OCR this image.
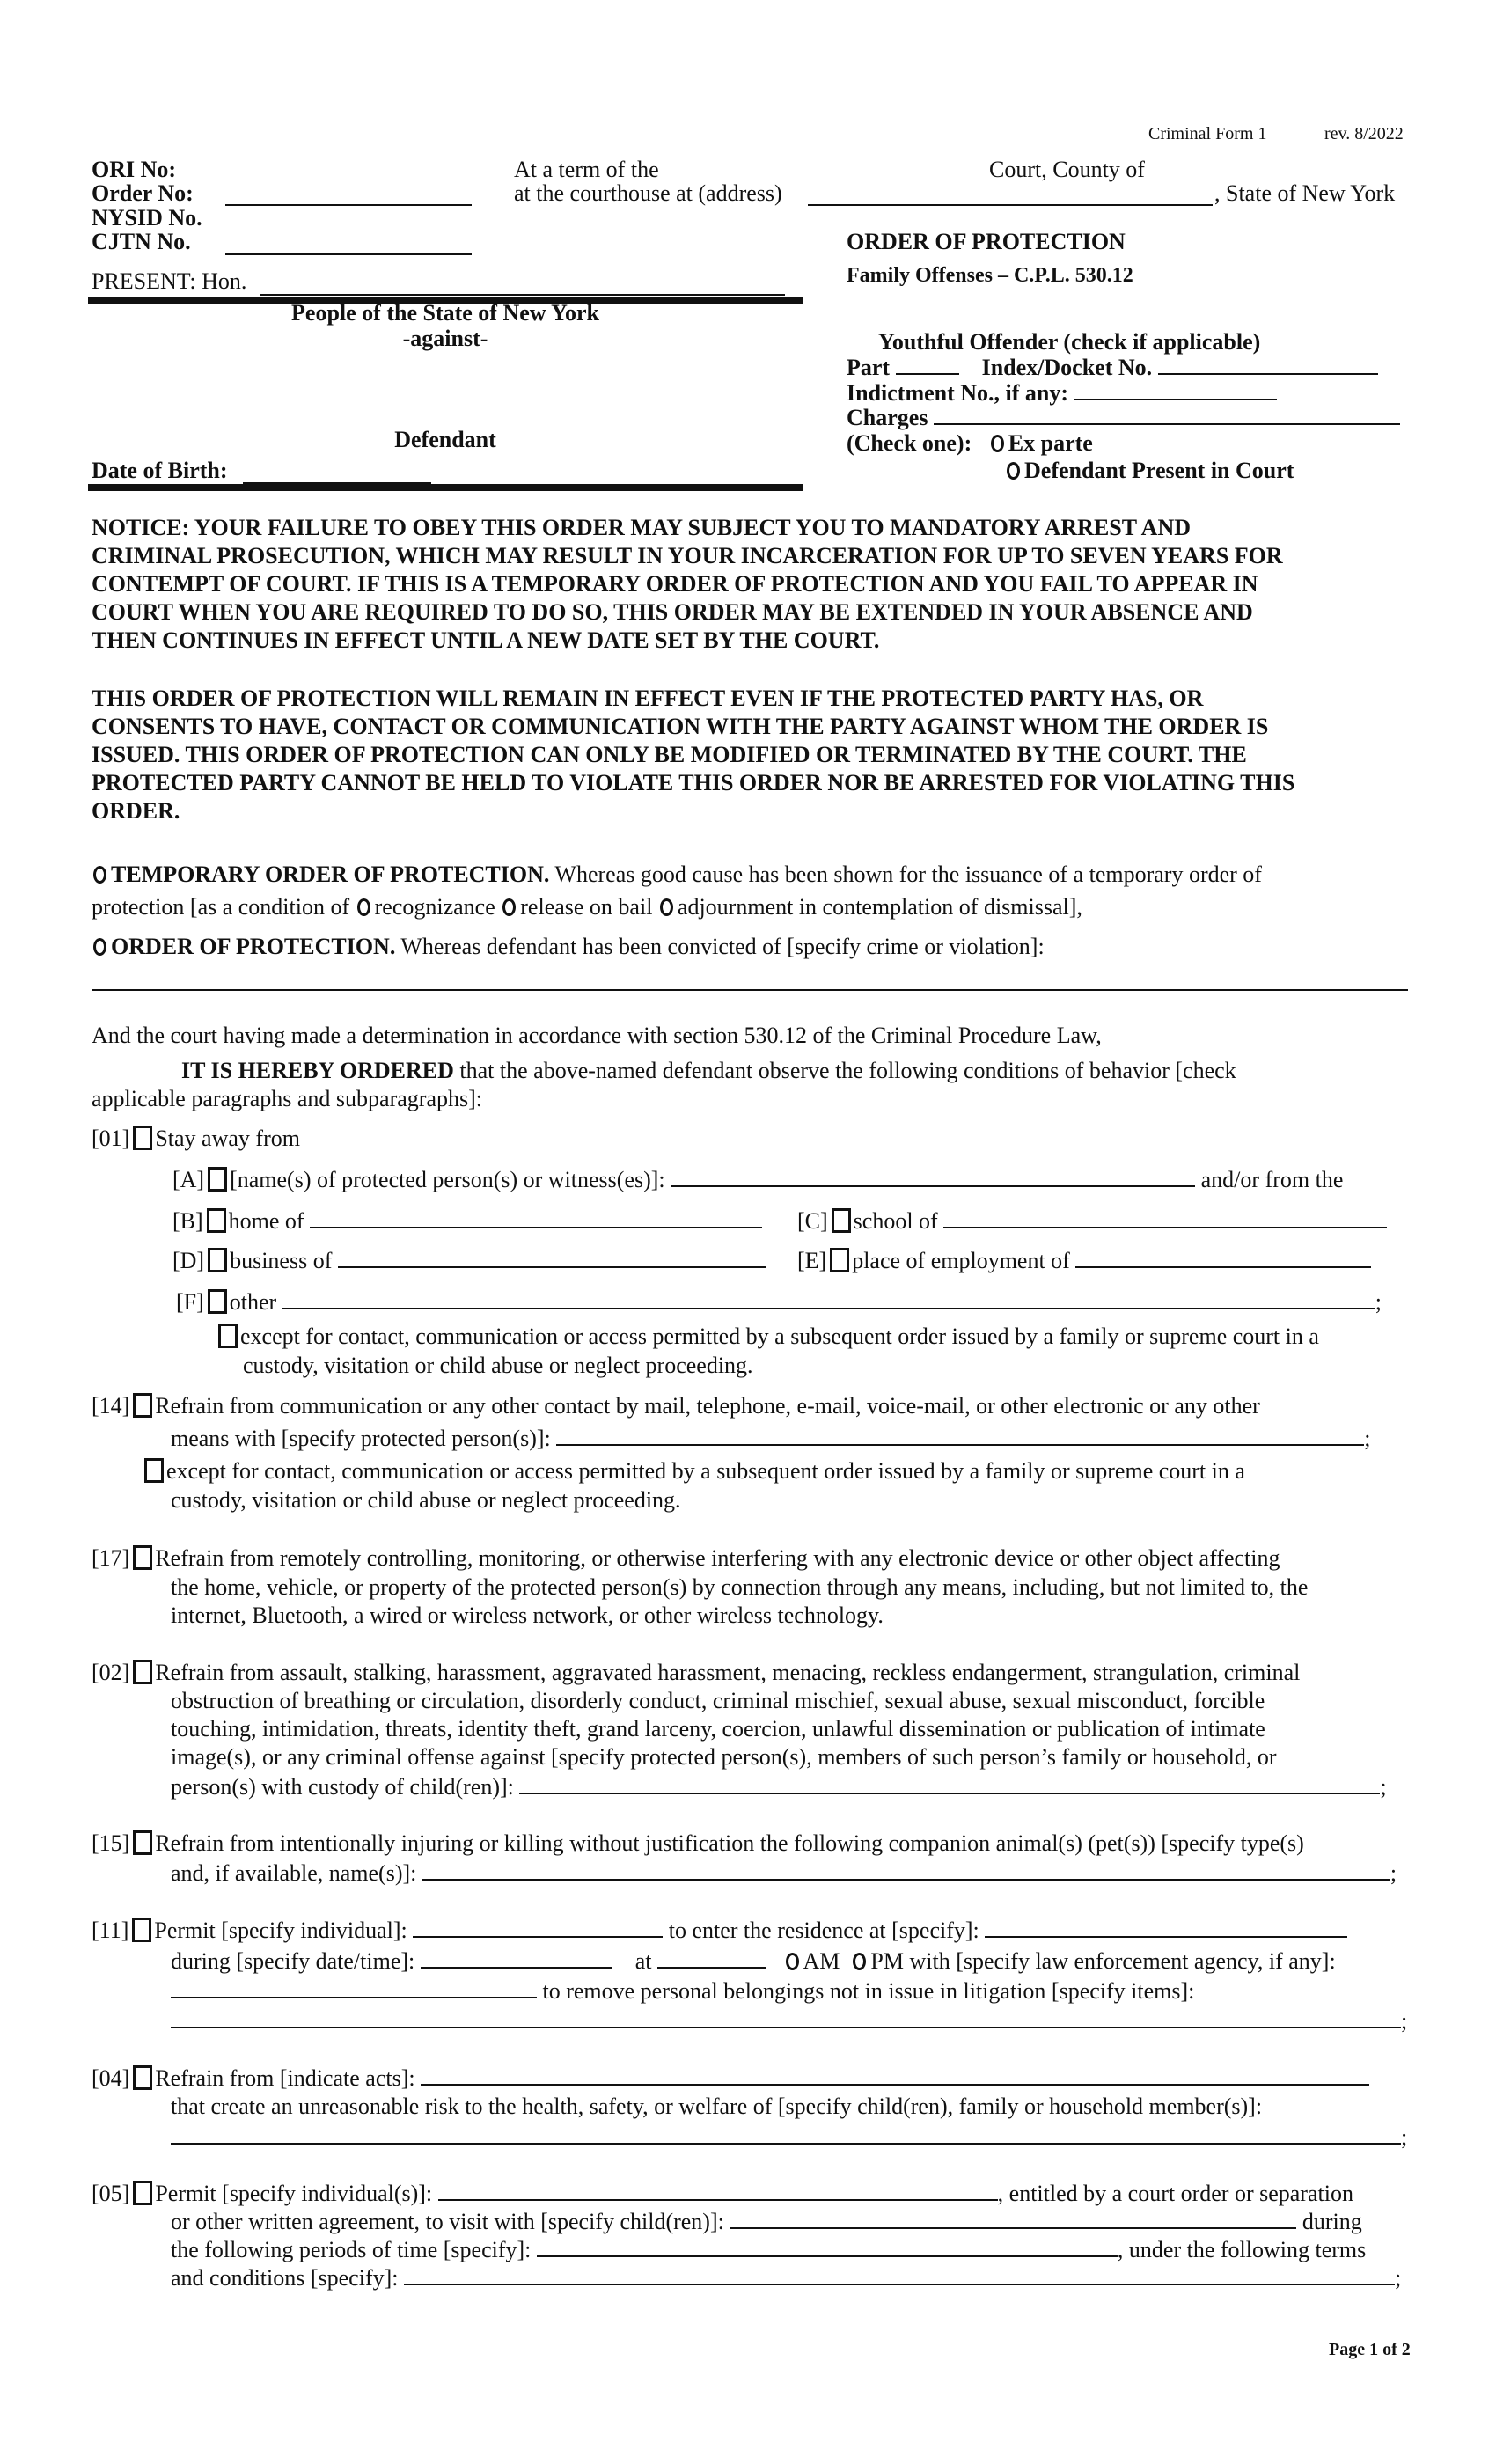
Criminal Form 1	rev. 8/2022
ORI No:
Order No:
NYSID No.
CJTN No.
At a term of the	Court, County of
at the courthouse at (address)	, State of New York
PRESENT: Hon.
People of the State of New York
-against-
Defendant
Date of Birth:
ORDER OF PROTECTION
Family Offenses – C.P.L. 530.12
Youthful Offender (check if applicable)
Part	Index/Docket No.
Indictment No., if any:
Charges
(Check one): Ex parte
Defendant Present in Court
NOTICE: YOUR FAILURE TO OBEY THIS ORDER MAY SUBJECT YOU TO MANDATORY ARREST AND
CRIMINAL PROSECUTION, WHICH MAY RESULT IN YOUR INCARCERATION FOR UP TO SEVEN YEARS FOR
CONTEMPT OF COURT. IF THIS IS A TEMPORARY ORDER OF PROTECTION AND YOU FAIL TO APPEAR IN
COURT WHEN YOU ARE REQUIRED TO DO SO, THIS ORDER MAY BE EXTENDED IN YOUR ABSENCE AND
THEN CONTINUES IN EFFECT UNTIL A NEW DATE SET BY THE COURT.
THIS ORDER OF PROTECTION WILL REMAIN IN EFFECT EVEN IF THE PROTECTED PARTY HAS, OR
CONSENTS TO HAVE, CONTACT OR COMMUNICATION WITH THE PARTY AGAINST WHOM THE ORDER IS
ISSUED. THIS ORDER OF PROTECTION CAN ONLY BE MODIFIED OR TERMINATED BY THE COURT. THE
PROTECTED PARTY CANNOT BE HELD TO VIOLATE THIS ORDER NOR BE ARRESTED FOR VIOLATING THIS
ORDER.
TEMPORARY ORDER OF PROTECTION. Whereas good cause has been shown for the issuance of a temporary order of
protection [as a condition of recognizance release on bail adjournment in contemplation of dismissal],
ORDER OF PROTECTION. Whereas defendant has been convicted of [specify crime or violation]:
And the court having made a determination in accordance with section 530.12 of the Criminal Procedure Law,
IT IS HEREBY ORDERED that the above-named defendant observe the following conditions of behavior [check
applicable paragraphs and subparagraphs]:
[01] Stay away from
[A] [name(s) of protected person(s) or witness(es)]:	and/or from the
[B] home of	[C] school of
[D] business of	[E] place of employment of
[F] other	;
except for contact, communication or access permitted by a subsequent order issued by a family or supreme court in a
custody, visitation or child abuse or neglect proceeding.
[14] Refrain from communication or any other contact by mail, telephone, e-mail, voice-mail, or other electronic or any other
means with [specify protected person(s)]:	;
except for contact, communication or access permitted by a subsequent order issued by a family or supreme court in a
custody, visitation or child abuse or neglect proceeding.
[17] Refrain from remotely controlling, monitoring, or otherwise interfering with any electronic device or other object affecting
the home, vehicle, or property of the protected person(s) by connection through any means, including, but not limited to, the
internet, Bluetooth, a wired or wireless network, or other wireless technology.
[02] Refrain from assault, stalking, harassment, aggravated harassment, menacing, reckless endangerment, strangulation, criminal
obstruction of breathing or circulation, disorderly conduct, criminal mischief, sexual abuse, sexual misconduct, forcible
touching, intimidation, threats, identity theft, grand larceny, coercion, unlawful dissemination or publication of intimate
image(s), or any criminal offense against [specify protected person(s), members of such person’s family or household, or
person(s) with custody of child(ren)]:	;
[15] Refrain from intentionally injuring or killing without justification the following companion animal(s) (pet(s)) [specify type(s)
and, if available, name(s)]:	;
[11] Permit [specify individual]:	to enter the residence at [specify]:
during [specify date/time]:	at	AM PM with [specify law enforcement agency, if any]:
to remove personal belongings not in issue in litigation [specify items]:
;
[04] Refrain from [indicate acts]:
that create an unreasonable risk to the health, safety, or welfare of [specify child(ren), family or household member(s)]:
;
[05] Permit [specify individual(s)]:	, entitled by a court order or separation
or other written agreement, to visit with [specify child(ren)]:	during
the following periods of time [specify]:	, under the following terms
and conditions [specify]:	;
Page 1 of 2
